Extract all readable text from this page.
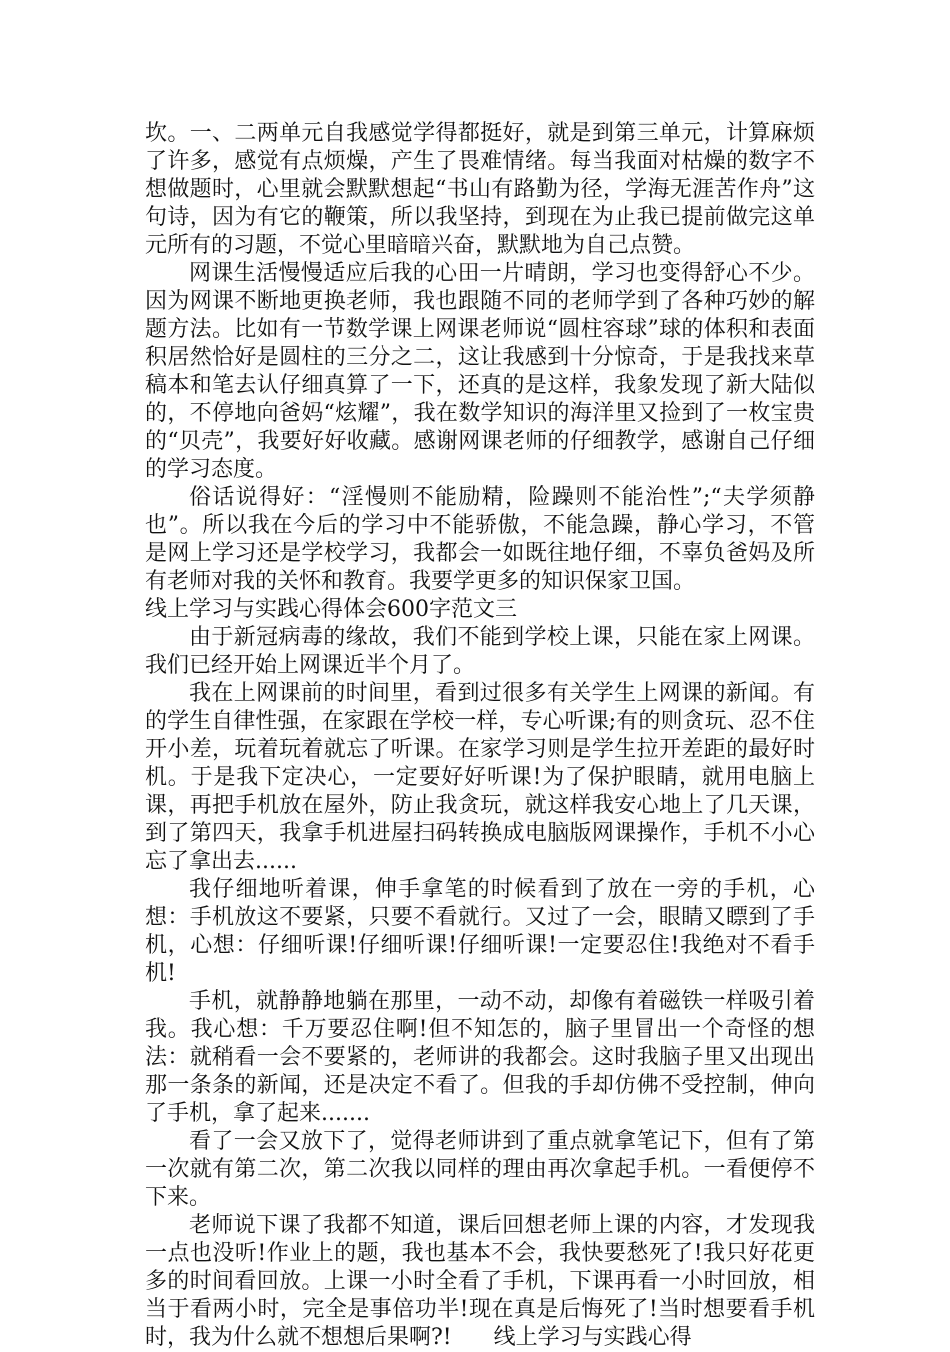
坎。一、二两单元自我感觉学得都挺好，就是到第三单元，计算麻烦了许多，感觉有点烦燥，产生了畏难情绪。每当我面对枯燥的数字不想做题时，心里就会默默想起“书山有路勤为径，学海无涯苦作舟”这句诗，因为有它的鞭策，所以我坚持，到现在为止我已提前做完这单元所有的习题，不觉心里暗暗兴奋，默默地为自己点赞。

网课生活慢慢适应后我的心田一片晴朗，学习也变得舒心不少。因为网课不断地更换老师，我也跟随不同的老师学到了各种巧妙的解题方法。比如有一节数学课上网课老师说“圆柱容球”球的体积和表面积居然恰好是圆柱的三分之二，这让我感到十分惊奇，于是我找来草稿本和笔去认仔细真算了一下，还真的是这样，我象发现了新大陆似的，不停地向爸妈“炫耀”，我在数学知识的海洋里又捡到了一枚宝贵的“贝壳”，我要好好收藏。感谢网课老师的仔细教学，感谢自己仔细的学习态度。

俗话说得好：“淫慢则不能励精，险躁则不能治性”;“夫学须静也”。所以我在今后的学习中不能骄傲，不能急躁，静心学习，不管是网上学习还是学校学习，我都会一如既往地仔细，不辜负爸妈及所有老师对我的关怀和教育。我要学更多的知识保家卫国。

线上学习与实践心得体会600字范文三

由于新冠病毒的缘故，我们不能到学校上课，只能在家上网课。我们已经开始上网课近半个月了。

我在上网课前的时间里，看到过很多有关学生上网课的新闻。有的学生自律性强，在家跟在学校一样，专心听课;有的则贪玩、忍不住开小差，玩着玩着就忘了听课。在家学习则是学生拉开差距的最好时机。于是我下定决心，一定要好好听课!为了保护眼睛，就用电脑上课，再把手机放在屋外，防止我贪玩，就这样我安心地上了几天课，到了第四天，我拿手机进屋扫码转换成电脑版网课操作，手机不小心忘了拿出去......

我仔细地听着课，伸手拿笔的时候看到了放在一旁的手机，心想：手机放这不要紧，只要不看就行。又过了一会，眼睛又瞟到了手机，心想：仔细听课!仔细听课!仔细听课!一定要忍住!我绝对不看手机!

手机，就静静地躺在那里，一动不动，却像有着磁铁一样吸引着我。我心想：千万要忍住啊!但不知怎的，脑子里冒出一个奇怪的想法：就稍看一会不要紧的，老师讲的我都会。这时我脑子里又出现出那一条条的新闻，还是决定不看了。但我的手却仿佛不受控制，伸向了手机，拿了起来.......

看了一会又放下了，觉得老师讲到了重点就拿笔记下，但有了第一次就有第二次，第二次我以同样的理由再次拿起手机。一看便停不下来。

老师说下课了我都不知道，课后回想老师上课的内容，才发现我一点也没听!作业上的题，我也基本不会，我快要愁死了!我只好花更多的时间看回放。上课一小时全看了手机，下课再看一小时回放，相当于看两小时，完全是事倍功半!现在真是后悔死了!当时想要看手机时，我为什么就不想想后果啊?! 线上学习与实践心得
